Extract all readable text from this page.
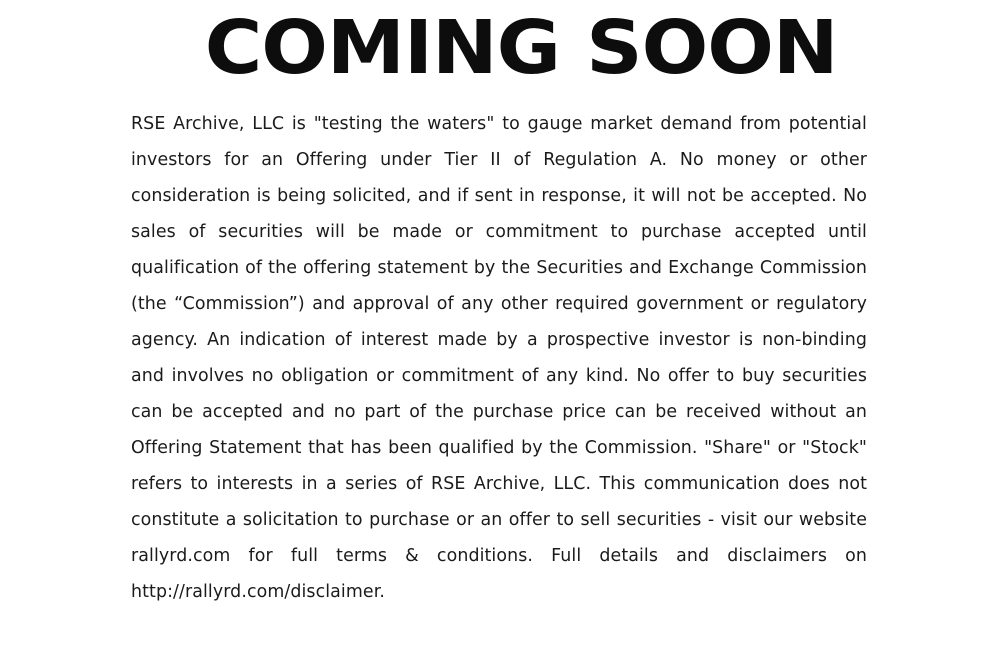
COMING SOON

RSE Archive, LLC is "testing the waters" to gauge market demand from potential investors for an Offering under Tier II of Regulation A. No money or other consideration is being solicited, and if sent in response, it will not be accepted. No sales of securities will be made or commitment to purchase accepted until qualification of the offering statement by the Securities and Exchange Commission (the “Commission”) and approval of any other required government or regulatory agency. An indication of interest made by a prospective investor is non-binding and involves no obligation or commitment of any kind. No offer to buy securities can be accepted and no part of the purchase price can be received without an Offering Statement that has been qualified by the Commission. "Share" or "Stock" refers to interests in a series of RSE Archive, LLC. This communication does not constitute a solicitation to purchase or an offer to sell securities - visit our website rallyrd.com for full terms & conditions. Full details and disclaimers on http://rallyrd.com/disclaimer.
